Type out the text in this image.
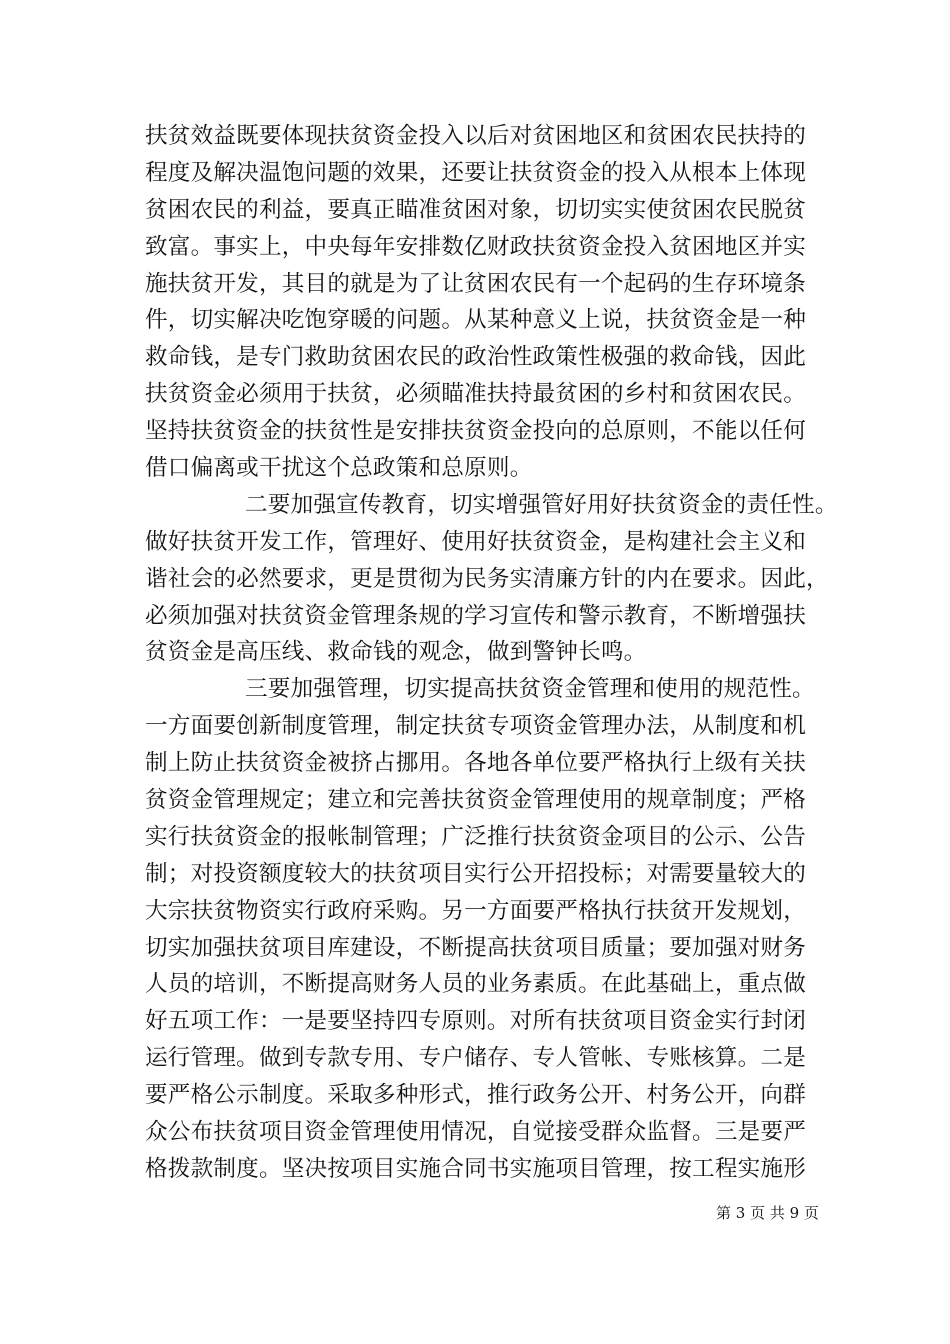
扶贫效益既要体现扶贫资金投入以后对贫困地区和贫困农民扶持的
程度及解决温饱问题的效果，还要让扶贫资金的投入从根本上体现
贫困农民的利益，要真正瞄准贫困对象，切切实实使贫困农民脱贫
致富。事实上，中央每年安排数亿财政扶贫资金投入贫困地区并实
施扶贫开发，其目的就是为了让贫困农民有一个起码的生存环境条
件，切实解决吃饱穿暖的问题。从某种意义上说，扶贫资金是一种
救命钱，是专门救助贫困农民的政治性政策性极强的救命钱，因此
扶贫资金必须用于扶贫，必须瞄准扶持最贫困的乡村和贫困农民。
坚持扶贫资金的扶贫性是安排扶贫资金投向的总原则，不能以任何
借口偏离或干扰这个总政策和总原则。
二要加强宣传教育，切实增强管好用好扶贫资金的责任性。
做好扶贫开发工作，管理好、使用好扶贫资金，是构建社会主义和
谐社会的必然要求，更是贯彻为民务实清廉方针的内在要求。因此，
必须加强对扶贫资金管理条规的学习宣传和警示教育，不断增强扶
贫资金是高压线、救命钱的观念，做到警钟长鸣。
三要加强管理，切实提高扶贫资金管理和使用的规范性。
一方面要创新制度管理，制定扶贫专项资金管理办法，从制度和机
制上防止扶贫资金被挤占挪用。各地各单位要严格执行上级有关扶
贫资金管理规定；建立和完善扶贫资金管理使用的规章制度；严格
实行扶贫资金的报帐制管理；广泛推行扶贫资金项目的公示、公告
制；对投资额度较大的扶贫项目实行公开招投标；对需要量较大的
大宗扶贫物资实行政府采购。另一方面要严格执行扶贫开发规划，
切实加强扶贫项目库建设，不断提高扶贫项目质量；要加强对财务
人员的培训，不断提高财务人员的业务素质。在此基础上，重点做
好五项工作：一是要坚持四专原则。对所有扶贫项目资金实行封闭
运行管理。做到专款专用、专户储存、专人管帐、专账核算。二是
要严格公示制度。采取多种形式，推行政务公开、村务公开，向群
众公布扶贫项目资金管理使用情况，自觉接受群众监督。三是要严
格拨款制度。坚决按项目实施合同书实施项目管理，按工程实施形
第 3 页 共 9 页
